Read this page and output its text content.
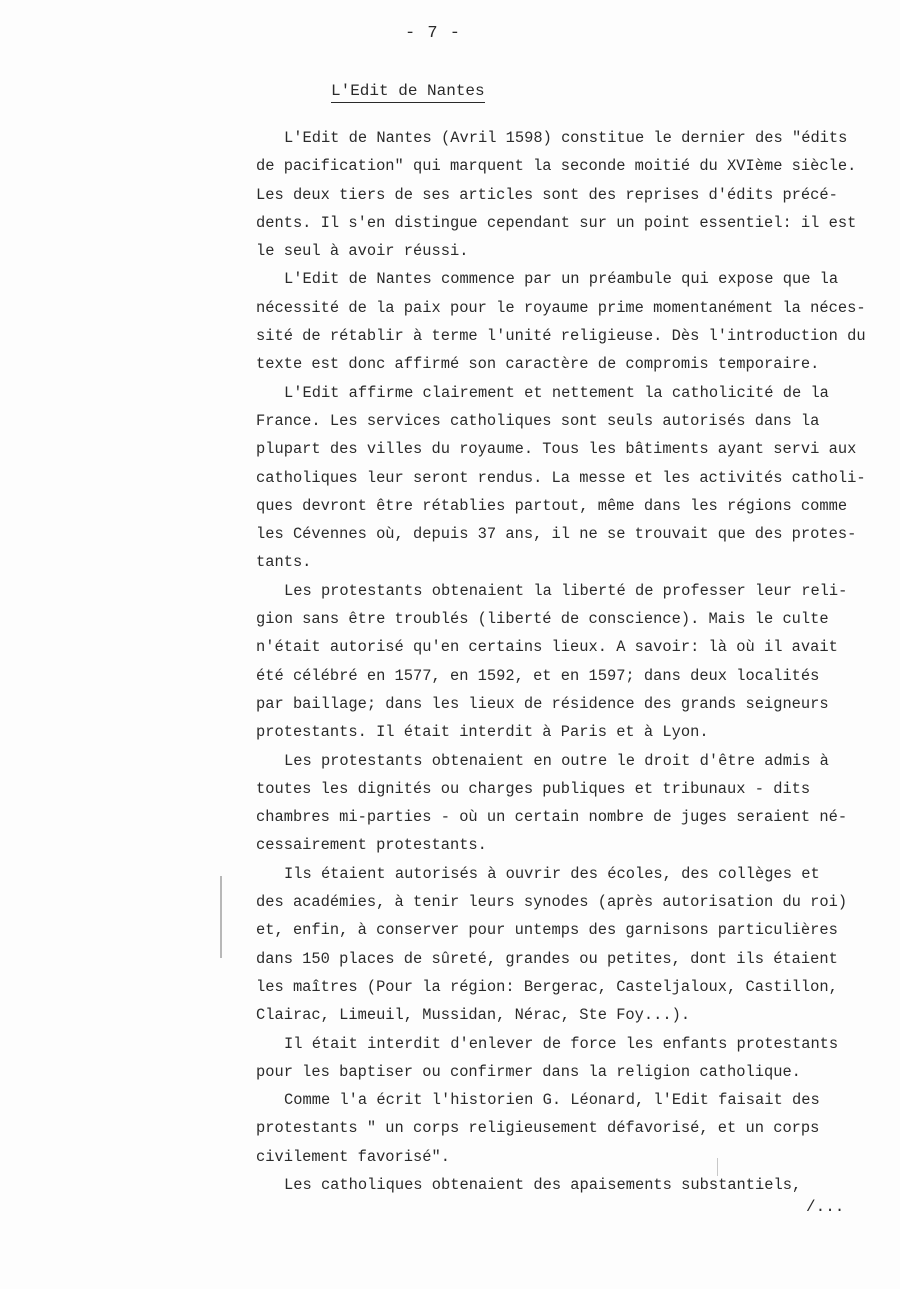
- 7 -
L'Edit de Nantes
L'Edit de Nantes (Avril 1598) constitue le dernier des "édits
de pacification" qui marquent la seconde moitié du XVIème siècle.
Les deux tiers de ses articles sont des reprises d'édits précé-
dents. Il s'en distingue cependant sur un point essentiel: il est
le seul à avoir réussi.
L'Edit de Nantes commence par un préambule qui expose que la
nécessité de la paix pour le royaume prime momentanément la néces-
sité de rétablir à terme l'unité religieuse. Dès l'introduction du
texte est donc affirmé son caractère de compromis temporaire.
L'Edit affirme clairement et nettement la catholicité de la
France. Les services catholiques sont seuls autorisés dans la
plupart des villes du royaume. Tous les bâtiments ayant servi aux
catholiques leur seront rendus. La messe et les activités catholi-
ques devront être rétablies partout, même dans les régions comme
les Cévennes où, depuis 37 ans, il ne se trouvait que des protes-
tants.
Les protestants obtenaient la liberté de professer leur reli-
gion sans être troublés (liberté de conscience). Mais le culte
n'était autorisé qu'en certains lieux. A savoir: là où il avait
été célébré en 1577, en 1592, et en 1597; dans deux localités
par baillage; dans les lieux de résidence des grands seigneurs
protestants. Il était interdit à Paris et à Lyon.
Les protestants obtenaient en outre le droit d'être admis à
toutes les dignités ou charges publiques et tribunaux - dits
chambres mi-parties - où un certain nombre de juges seraient né-
cessairement protestants.
Ils étaient autorisés à ouvrir des écoles, des collèges et
des académies, à tenir leurs synodes (après autorisation du roi)
et, enfin, à conserver pour untemps des garnisons particulières
dans 150 places de sûreté, grandes ou petites, dont ils étaient
les maîtres (Pour la région: Bergerac, Casteljaloux, Castillon,
Clairac, Limeuil, Mussidan, Nérac, Ste Foy...).
Il était interdit d'enlever de force les enfants protestants
pour les baptiser ou confirmer dans la religion catholique.
Comme l'a écrit l'historien G. Léonard, l'Edit faisait des
protestants " un corps religieusement défavorisé, et un corps
civilement favorisé".
Les catholiques obtenaient des apaisements substantiels,
/...
